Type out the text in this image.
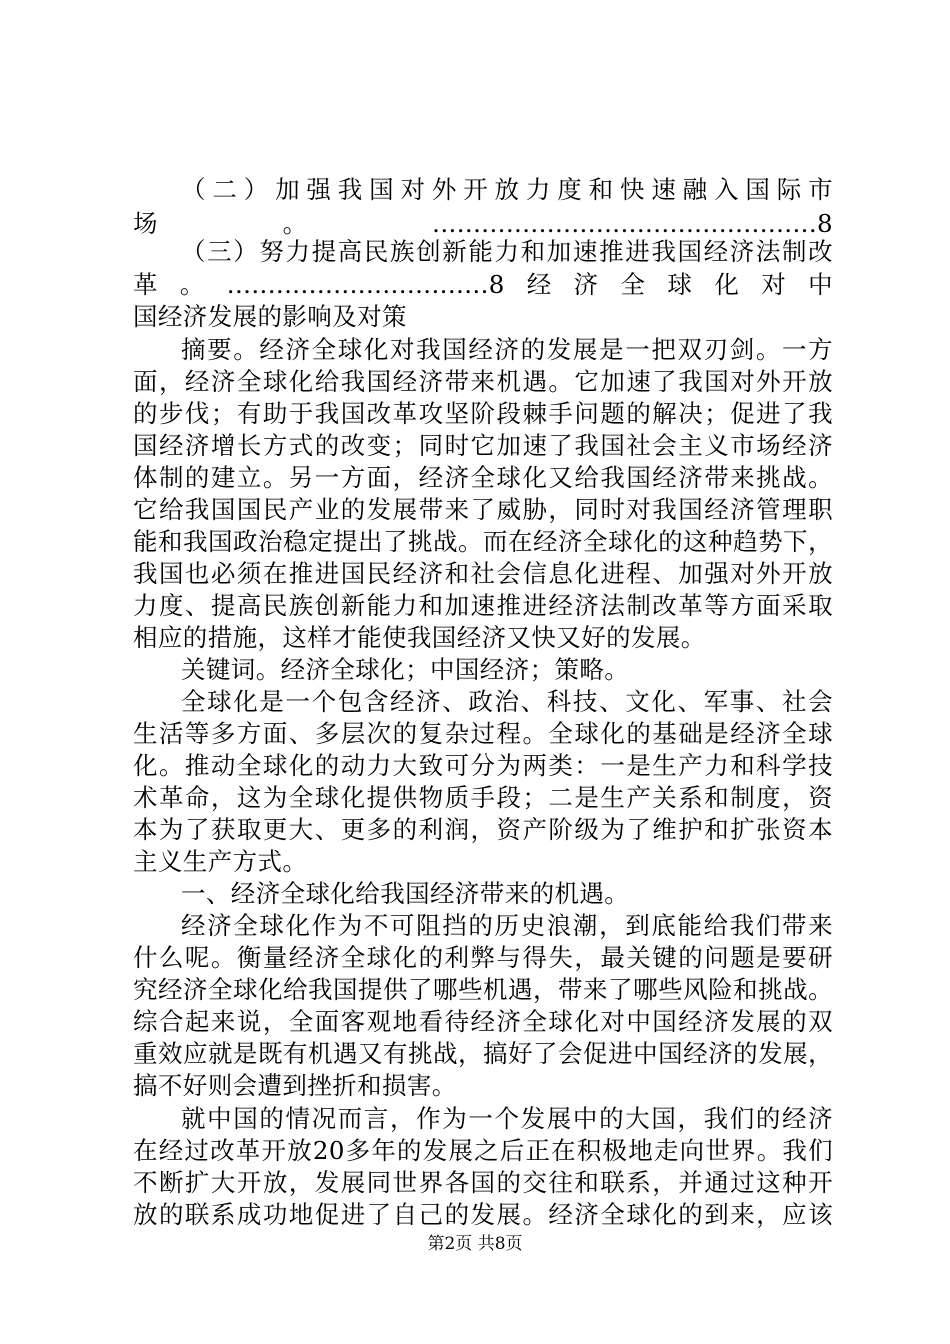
（二）加强我国对外开放力度和快速融入国际市
场。...............................................8
（三）努力提高民族创新能力和加速推进我国经济法制改
革。................................8经济全球化对中
国经济发展的影响及对策
摘要。经济全球化对我国经济的发展是一把双刃剑。一方
面，经济全球化给我国经济带来机遇。它加速了我国对外开放
的步伐；有助于我国改革攻坚阶段棘手问题的解决；促进了我
国经济增长方式的改变；同时它加速了我国社会主义市场经济
体制的建立。另一方面，经济全球化又给我国经济带来挑战。
它给我国国民产业的发展带来了威胁，同时对我国经济管理职
能和我国政治稳定提出了挑战。而在经济全球化的这种趋势下，
我国也必须在推进国民经济和社会信息化进程、加强对外开放
力度、提高民族创新能力和加速推进经济法制改革等方面采取
相应的措施，这样才能使我国经济又快又好的发展。
关键词。经济全球化；中国经济；策略。
全球化是一个包含经济、政治、科技、文化、军事、社会
生活等多方面、多层次的复杂过程。全球化的基础是经济全球
化。推动全球化的动力大致可分为两类：一是生产力和科学技
术革命，这为全球化提供物质手段；二是生产关系和制度，资
本为了获取更大、更多的利润，资产阶级为了维护和扩张资本
主义生产方式。
一、经济全球化给我国经济带来的机遇。
经济全球化作为不可阻挡的历史浪潮，到底能给我们带来
什么呢。衡量经济全球化的利弊与得失，最关键的问题是要研
究经济全球化给我国提供了哪些机遇，带来了哪些风险和挑战。
综合起来说，全面客观地看待经济全球化对中国经济发展的双
重效应就是既有机遇又有挑战，搞好了会促进中国经济的发展，
搞不好则会遭到挫折和损害。
就中国的情况而言，作为一个发展中的大国，我们的经济
在经过改革开放20多年的发展之后正在积极地走向世界。我们
不断扩大开放，发展同世界各国的交往和联系，并通过这种开
放的联系成功地促进了自己的发展。经济全球化的到来，应该
第2页 共8页
